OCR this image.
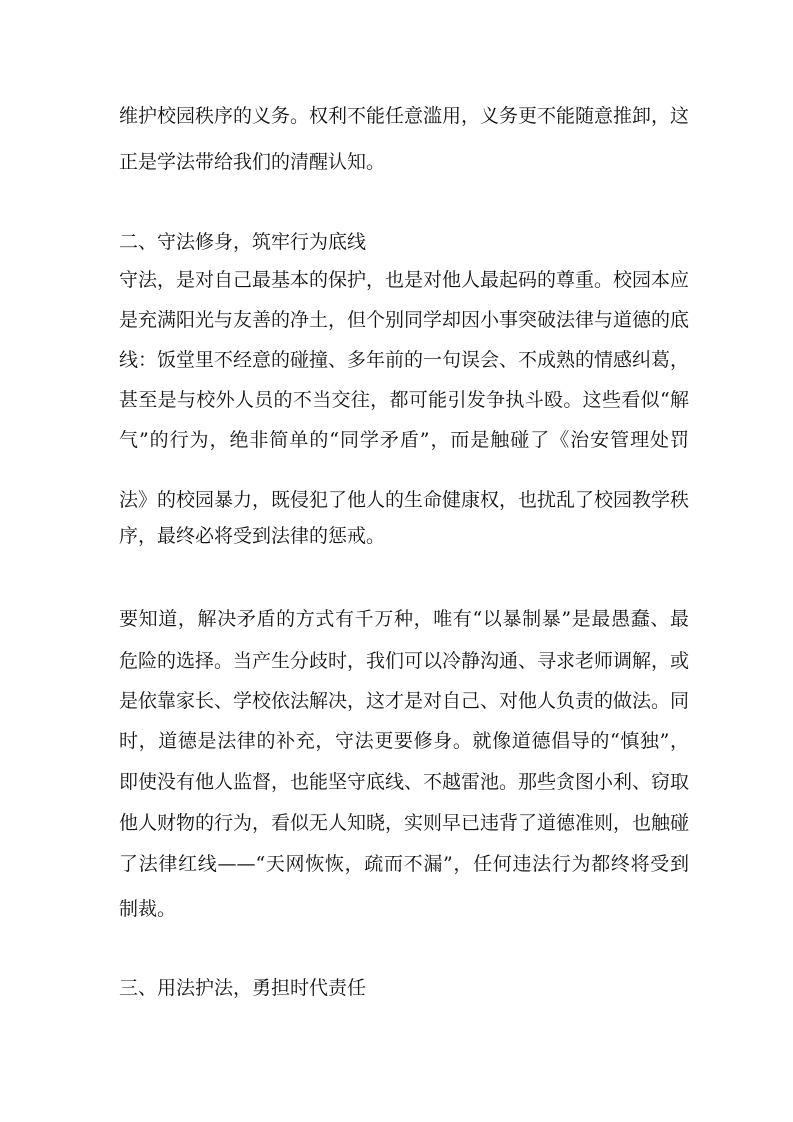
维护校园秩序的义务。权利不能任意滥用，义务更不能随意推卸，这
正是学法带给我们的清醒认知。
二、守法修身，筑牢行为底线
守法，是对自己最基本的保护，也是对他人最起码的尊重。校园本应
是充满阳光与友善的净土，但个别同学却因小事突破法律与道德的底
线：饭堂里不经意的碰撞、多年前的一句误会、不成熟的情感纠葛，
甚至是与校外人员的不当交往，都可能引发争执斗殴。这些看似“解
气”的行为，绝非简单的“同学矛盾”，而是触碰了《治安管理处罚
法》的校园暴力，既侵犯了他人的生命健康权，也扰乱了校园教学秩
序，最终必将受到法律的惩戒。
要知道，解决矛盾的方式有千万种，唯有“以暴制暴”是最愚蠢、最
危险的选择。当产生分歧时，我们可以冷静沟通、寻求老师调解，或
是依靠家长、学校依法解决，这才是对自己、对他人负责的做法。同
时，道德是法律的补充，守法更要修身。就像道德倡导的“慎独”，
即使没有他人监督，也能坚守底线、不越雷池。那些贪图小利、窃取
他人财物的行为，看似无人知晓，实则早已违背了道德准则，也触碰
了法律红线——“天网恢恢，疏而不漏”，任何违法行为都终将受到
制裁。
三、用法护法，勇担时代责任
